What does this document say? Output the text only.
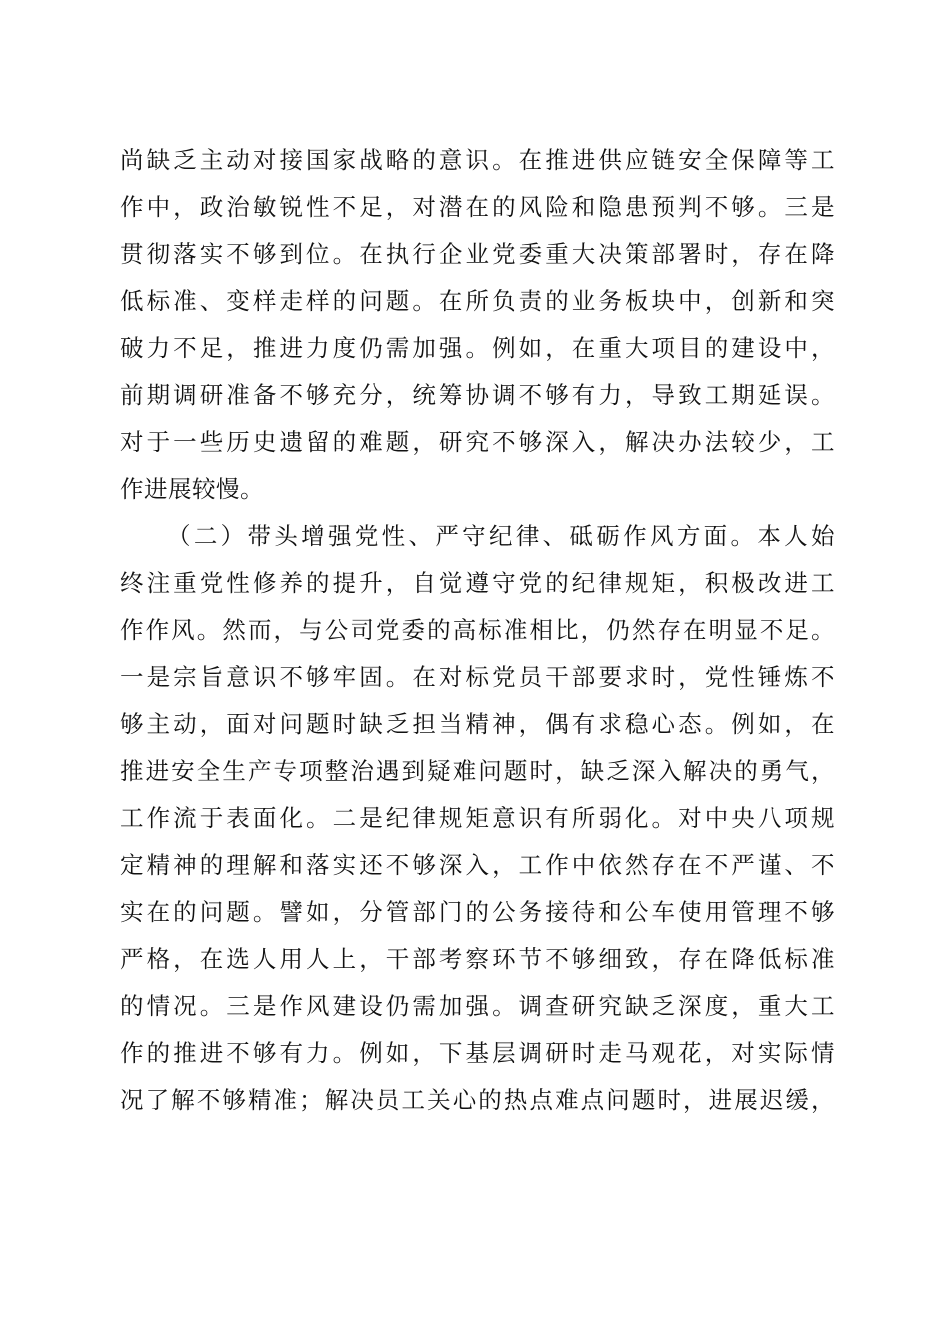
尚缺乏主动对接国家战略的意识。在推进供应链安全保障等工
作中，政治敏锐性不足，对潜在的风险和隐患预判不够。三是
贯彻落实不够到位。在执行企业党委重大决策部署时，存在降
低标准、变样走样的问题。在所负责的业务板块中，创新和突
破力不足，推进力度仍需加强。例如，在重大项目的建设中，
前期调研准备不够充分，统筹协调不够有力，导致工期延误。
对于一些历史遗留的难题，研究不够深入，解决办法较少，工
作进展较慢。
（二）带头增强党性、严守纪律、砥砺作风方面。本人始
终注重党性修养的提升，自觉遵守党的纪律规矩，积极改进工
作作风。然而，与公司党委的高标准相比，仍然存在明显不足。
一是宗旨意识不够牢固。在对标党员干部要求时，党性锤炼不
够主动，面对问题时缺乏担当精神，偶有求稳心态。例如，在
推进安全生产专项整治遇到疑难问题时，缺乏深入解决的勇气，
工作流于表面化。二是纪律规矩意识有所弱化。对中央八项规
定精神的理解和落实还不够深入，工作中依然存在不严谨、不
实在的问题。譬如，分管部门的公务接待和公车使用管理不够
严格，在选人用人上，干部考察环节不够细致，存在降低标准
的情况。三是作风建设仍需加强。调查研究缺乏深度，重大工
作的推进不够有力。例如，下基层调研时走马观花，对实际情
况了解不够精准；解决员工关心的热点难点问题时，进展迟缓，
